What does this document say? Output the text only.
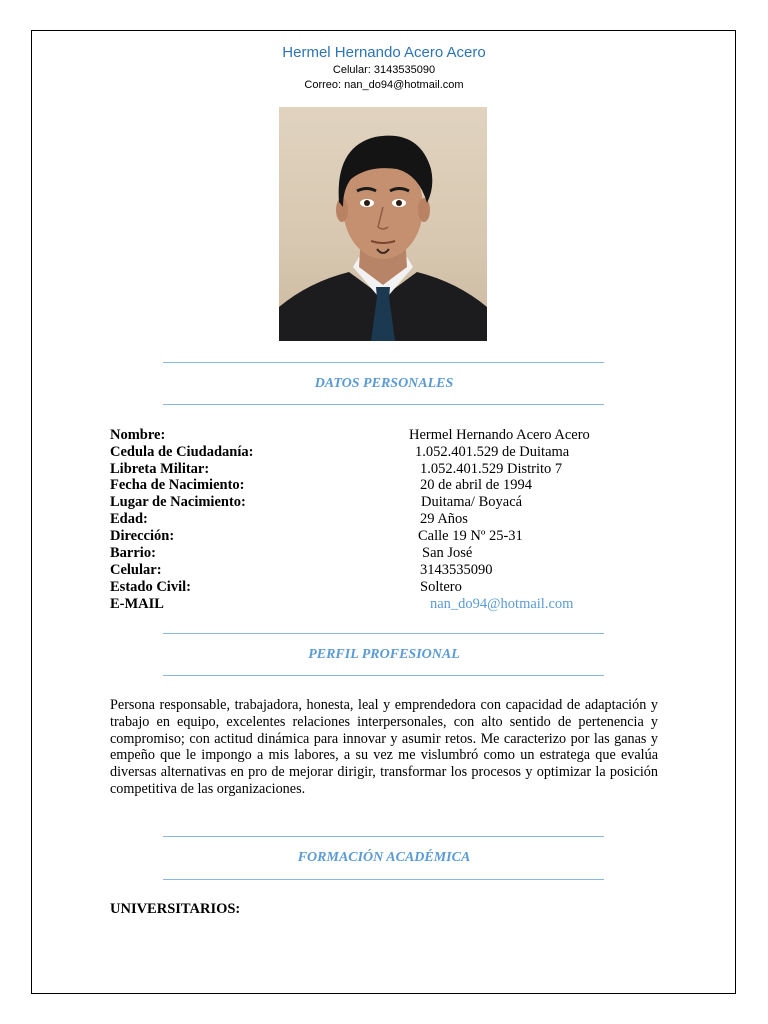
Hermel Hernando Acero Acero
Celular: 3143535090
Correo: nan_do94@hotmail.com
DATOS PERSONALES
Nombre:	Hermel Hernando Acero Acero
Cedula de Ciudadanía:	1.052.401.529 de Duitama
Libreta Militar:	1.052.401.529 Distrito 7
Fecha de Nacimiento:	20 de abril de 1994
Lugar de Nacimiento:	Duitama/ Boyacá
Edad:	29 Años
Dirección:	Calle 19 Nº 25-31
Barrio:	San José
Celular:	3143535090
Estado Civil:	Soltero
E-MAIL	nan_do94@hotmail.com
PERFIL PROFESIONAL
Persona responsable, trabajadora, honesta, leal y emprendedora con capacidad de adaptación y trabajo en equipo, excelentes relaciones interpersonales, con alto sentido de pertenencia y compromiso; con actitud dinámica para innovar y asumir retos. Me caracterizo por las ganas y empeño que le impongo a mis labores, a su vez me vislumbró como un estratega que evalúa diversas alternativas en pro de mejorar dirigir, transformar los procesos y optimizar la posición competitiva de las organizaciones.
FORMACIÓN ACADÉMICA
UNIVERSITARIOS:
